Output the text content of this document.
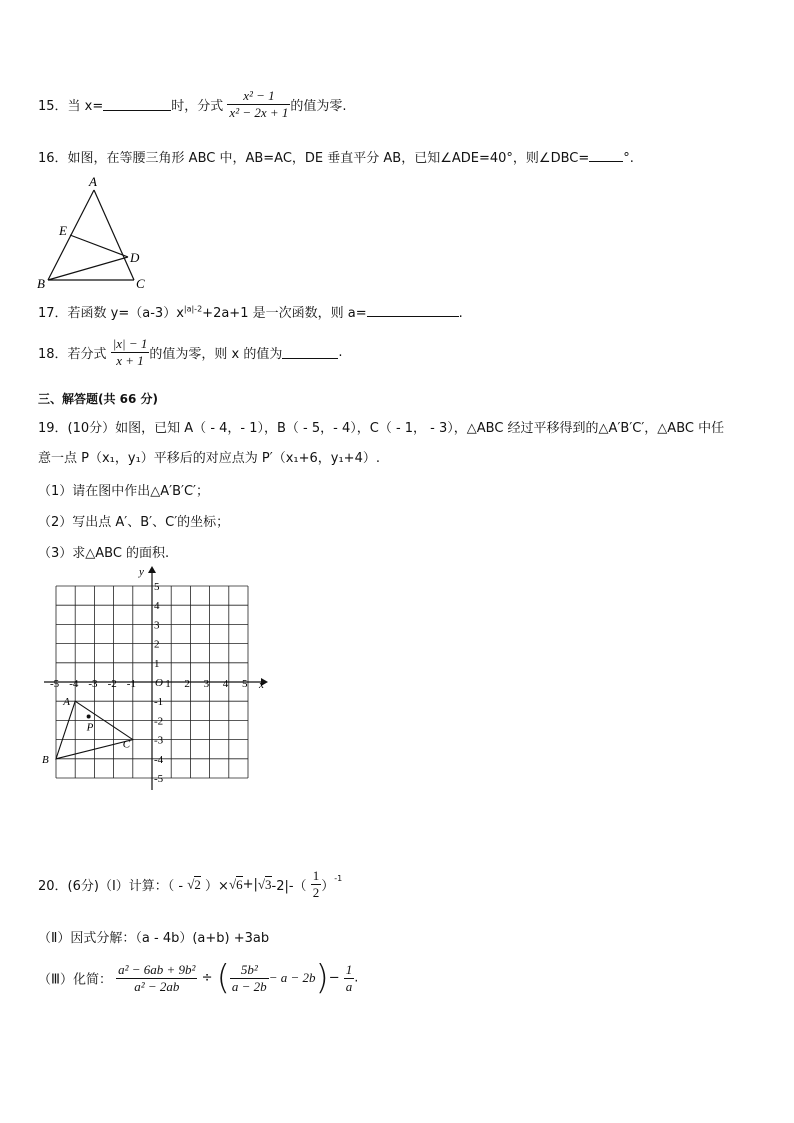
15．当 x=	时，分式 $\frac{\text{x² − 1}}{\text{x² − 2x + 1}}$ 的值为零.
16．如图，在等腰三角形 ABC 中，AB=AC，DE 垂直平分 AB，已知∠ADE=40°，则∠DBC=	°.
A
B	C
D
E
17．若函数 $y=(a-3)x^{|a|-2}+2a+1$ 是一次函数，则 a=	.
18．若分式 $\frac{|x| - 1}{x + 1}$ 的值为零，则 x 的值为	.
三、解答题(共 66 分)
19．(10分）如图，已知 A（ - 4，- 1），B（ - 5，- 4），C（ - 1， - 3），△ABC 经过平移得到的△A′B′C′，△ABC 中任
意一点 P（x₁，y₁）平移后的对应点为 P′（x₁+6，y₁+4）.
（1）请在图中作出△A′B′C′；
（2）写出点 A′、B′、C′的坐标；
（3）求△ABC 的面积.
-5 -4 -3 -2 -1	1 2 3 4 5
5
4
3
2
1
-1
-2
-3
-4
-5
O	x
y
A
B
C
P
20．(6分)（Ⅰ）计算：（ - √2 ）$\times√6+|√3-2|-( \frac{1}{2} )^{-1}$
（Ⅱ）因式分解：（a - 4b）(a+b) +3ab
（Ⅲ）化简： $\frac{\text{a² − 6ab + 9b²}}{\text{a² − 2ab}}$ ÷ ( $\frac{\text{5b²}}{a - 2b} - a - 2b)- \frac{1}{a}$ .
